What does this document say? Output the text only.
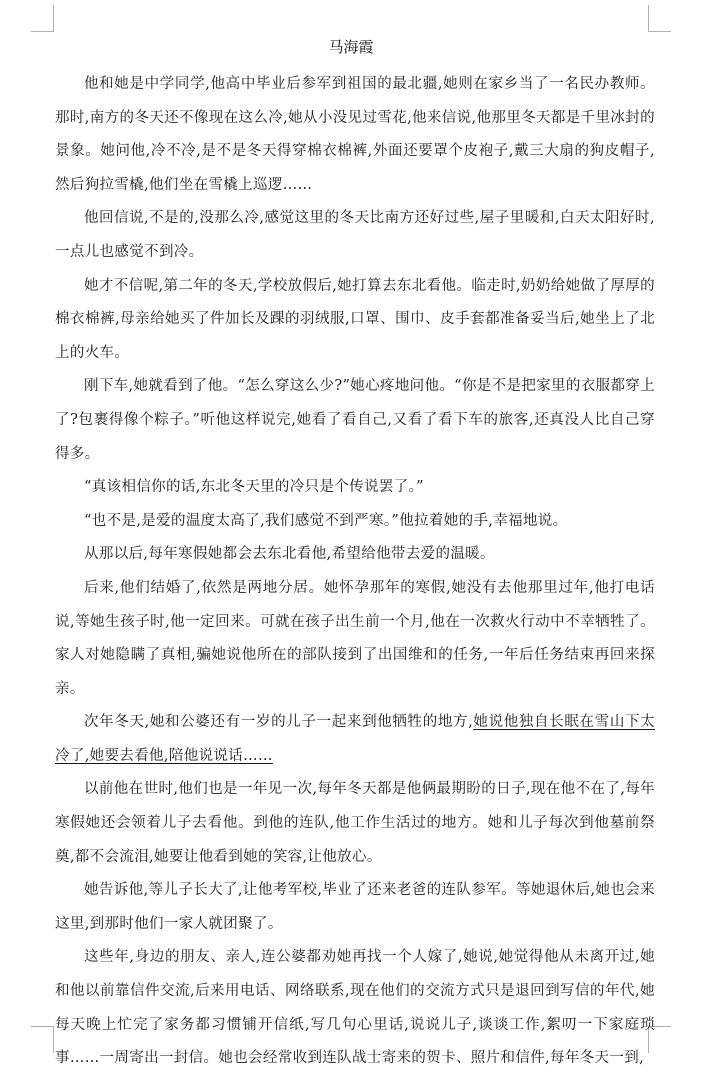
马海霞

他和她是中学同学,他高中毕业后参军到祖国的最北疆,她则在家乡当了一名民办教师。那时,南方的冬天还不像现在这么冷,她从小没见过雪花,他来信说,他那里冬天都是千里冰封的景象。她问他,冷不冷,是不是冬天得穿棉衣棉裤,外面还要罩个皮袍子,戴三大扇的狗皮帽子,然后狗拉雪橇,他们坐在雪橇上巡逻……

他回信说,不是的,没那么冷,感觉这里的冬天比南方还好过些,屋子里暖和,白天太阳好时,一点儿也感觉不到冷。

她才不信呢,第二年的冬天,学校放假后,她打算去东北看他。临走时,奶奶给她做了厚厚的棉衣棉裤,母亲给她买了件加长及踝的羽绒服,口罩、围巾、皮手套都准备妥当后,她坐上了北上的火车。

刚下车,她就看到了他。“怎么穿这么少?”她心疼地问他。“你是不是把家里的衣服都穿上了?包裹得像个粽子。”听他这样说完,她看了看自己,又看了看下车的旅客,还真没人比自己穿得多。

“真该相信你的话,东北冬天里的冷只是个传说罢了。”

“也不是,是爱的温度太高了,我们感觉不到严寒。”他拉着她的手,幸福地说。

从那以后,每年寒假她都会去东北看他,希望给他带去爱的温暖。

后来,他们结婚了,依然是两地分居。她怀孕那年的寒假,她没有去他那里过年,他打电话说,等她生孩子时,他一定回来。可就在孩子出生前一个月,他在一次救火行动中不幸牺牲了。家人对她隐瞒了真相,骗她说他所在的部队接到了出国维和的任务,一年后任务结束再回来探亲。

次年冬天,她和公婆还有一岁的儿子一起来到他牺牲的地方,她说他独自长眠在雪山下太冷了,她要去看他,陪他说说话……

以前他在世时,他们也是一年见一次,每年冬天都是他俩最期盼的日子,现在他不在了,每年寒假她还会领着儿子去看他。到他的连队,他工作生活过的地方。她和儿子每次到他墓前祭奠,都不会流泪,她要让他看到她的笑容,让他放心。

她告诉他,等儿子长大了,让他考军校,毕业了还来老爸的连队参军。等她退休后,她也会来这里,到那时他们一家人就团聚了。

这些年,身边的朋友、亲人,连公婆都劝她再找一个人嫁了,她说,她觉得他从未离开过,她和他以前靠信件交流,后来用电话、网络联系,现在他们的交流方式只是退回到写信的年代,她每天晚上忙完了家务都习惯铺开信纸,写几句心里话,说说儿子,谈谈工作,絮叨一下家庭琐事……一周寄出一封信。她也会经常收到连队战士寄来的贺卡、照片和信件,每年冬天一到,
